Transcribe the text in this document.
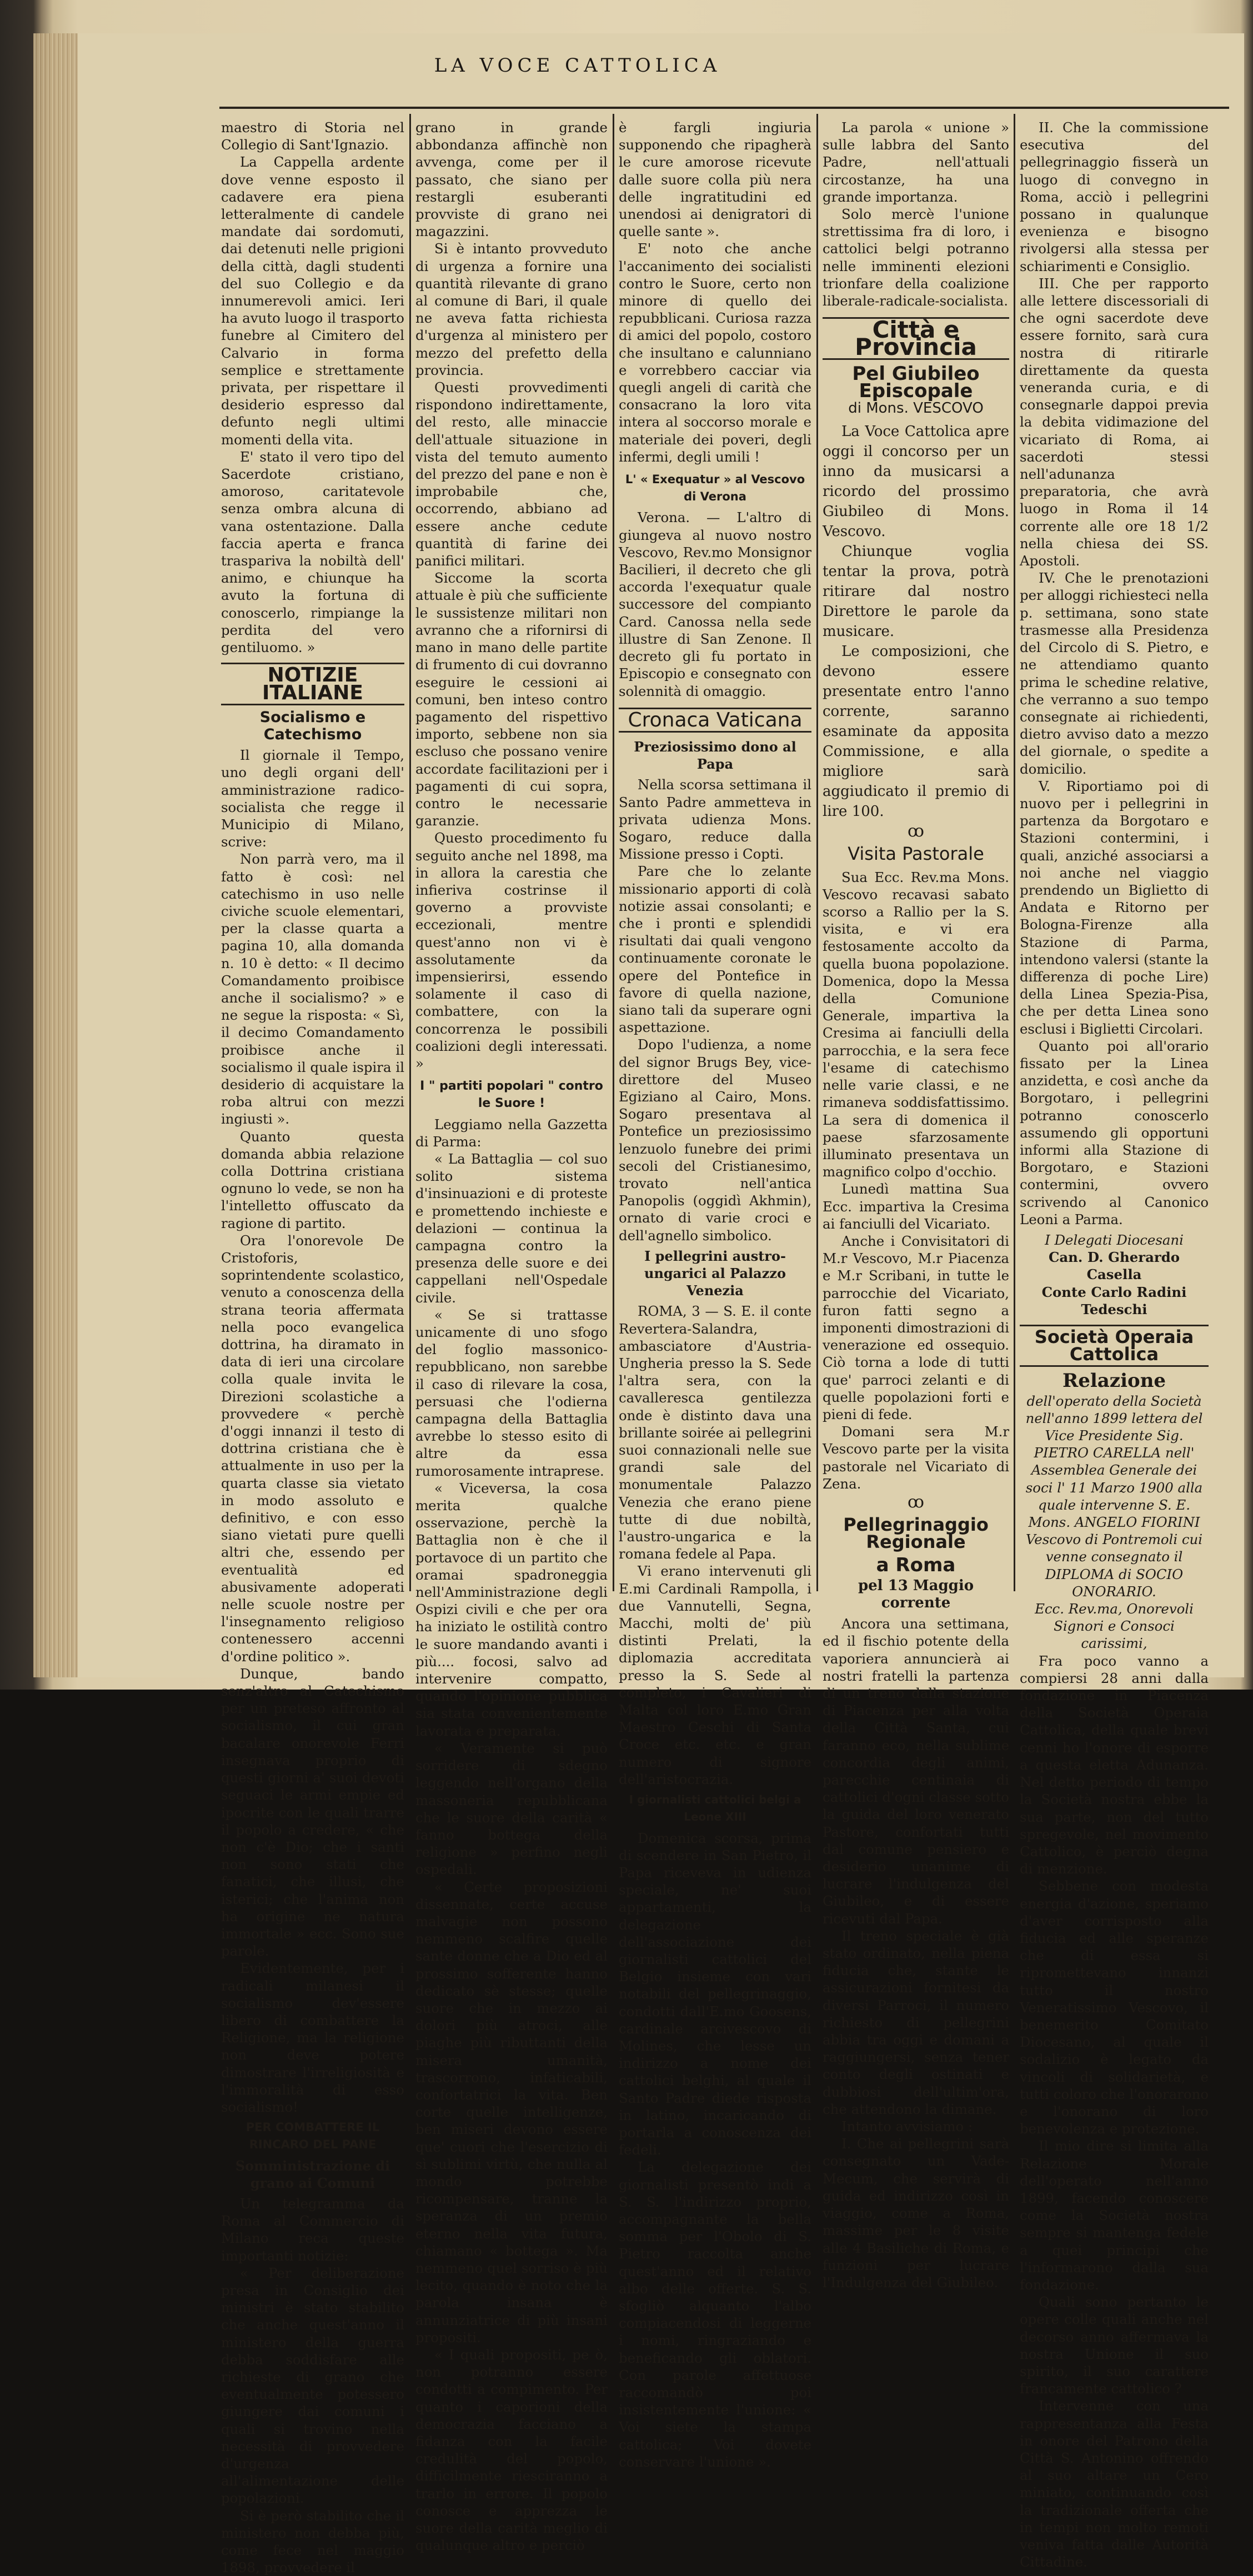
LA VOCE CATTOLICA

maestro di Storia nel Collegio di Sant'Ignazio.

La Cappella ardente dove venne esposto il cadavere era piena letteralmente di candele mandate dai sordomuti, dai detenuti nelle prigioni della città, dagli studenti del suo Collegio e da innumerevoli amici. Ieri ha avuto luogo il trasporto funebre al Cimitero del Calvario in forma semplice e strettamente privata, per rispettare il desiderio espresso dal defunto negli ultimi momenti della vita.

E' stato il vero tipo del Sacerdote cristiano, amoroso, caritatevole senza ombra alcuna di vana ostentazione. Dalla faccia aperta e franca traspariva la nobiltà dell' animo, e chiunque ha avuto la fortuna di conoscerlo, rimpiange la perdita del vero gentiluomo. »

NOTIZIE ITALIANE
Socialismo e Catechismo

Il giornale il Tempo, uno degli organi dell' amministrazione radico-socialista che regge il Municipio di Milano, scrive:

Non parrà vero, ma il fatto è così: nel catechismo in uso nelle civiche scuole elementari, per la classe quarta a pagina 10, alla domanda n. 10 è detto: « Il decimo Comandamento proibisce anche il socialismo? » e ne segue la risposta: « Sì, il decimo Comandamento proibisce anche il socialismo il quale ispira il desiderio di acquistare la roba altrui con mezzi ingiusti ».

Quanto questa domanda abbia relazione colla Dottrina cristiana ognuno lo vede, se non ha l'intelletto offuscato da ragione di partito.

Ora l'onorevole De Cristoforis, soprintendente scolastico, venuto a conoscenza della strana teoria affermata nella poco evangelica dottrina, ha diramato in data di ieri una circolare colla quale invita le Direzioni scolastiche a provvedere « perchè d'oggi innanzi il testo di dottrina cristiana che è attualmente in uso per la quarta classe sia vietato in modo assoluto e definitivo, e con esso siano vietati pure quelli altri che, essendo per eventualità ed abusivamente adoperati nelle scuole nostre per l'insegnamento religioso contenessero accenni d'ordine politico ».

Dunque, bando senz'altro al Catechismo per un preteso affronto al socialismo, il cui gran bacalare onorevole Ferri insegnava proprio di questi giorni a' suoi devoti seguaci le armi empie ed ipocrite con le quali trarre il popolo a credere, « che non c'è Dio; che i santi non sono stati che fanatici, che illusi, che isterici; che l'anima non ha origine ne natura immortale » ecc. Sono sue parole.

Evidentemente, per i radicali milanesi il socialismo dev'essere libero di combattere la Religione, ma la religione non deve potere dimostrare l'irreligiosità e l'immoralità di esso socialismo!

PER COMBATTERE IL RINCARO DEL PANE
Somministrazione di grano ai Comuni

Un telegramma da Roma al Commercio di Milano reca queste importanti notizie:

« Per deliberazione presa in Consiglio dei ministri è stato stabilito che anche quest'anno il ministero della guerra debba soddisfare alle richieste di grano che eventualmente potessero giungere dai comuni i quali si trovino nella necessità di provvedere d'urgenza all'alimentazione delle popolazioni.

Si è però stabilito che il ministero non debba più, come fece nel maggio 1898, provvedere il

grano in grande abbondanza affinchè non avvenga, come per il passato, che siano per restargli esuberanti provviste di grano nei magazzini.

Si è intanto provveduto di urgenza a fornire una quantità rilevante di grano al comune di Bari, il quale ne aveva fatta richiesta d'urgenza al ministero per mezzo del prefetto della provincia.

Questi provvedimenti rispondono indirettamente, del resto, alle minaccie dell'attuale situazione in vista del temuto aumento del prezzo del pane e non è improbabile che, occorrendo, abbiano ad essere anche cedute quantità di farine dei panifici militari.

Siccome la scorta attuale è più che sufficiente le sussistenze militari non avranno che a rifornirsi di mano in mano delle partite di frumento di cui dovranno eseguire le cessioni ai comuni, ben inteso contro pagamento del rispettivo importo, sebbene non sia escluso che possano venire accordate facilitazioni per i pagamenti di cui sopra, contro le necessarie garanzie.

Questo procedimento fu seguito anche nel 1898, ma in allora la carestia che infieriva costrinse il governo a provviste eccezionali, mentre quest'anno non vi è assolutamente da impensierirsi, essendo solamente il caso di combattere, con la concorrenza le possibili coalizioni degli interessati. »

I " partiti popolari " contro le Suore !

Leggiamo nella Gazzetta di Parma:

« La Battaglia — col suo solito sistema d'insinuazioni e di proteste e promettendo inchieste e delazioni — continua la campagna contro la presenza delle suore e dei cappellani nell'Ospedale civile.

« Se si trattasse unicamente di uno sfogo del foglio massonico-repubblicano, non sarebbe il caso di rilevare la cosa, persuasi che l'odierna campagna della Battaglia avrebbe lo stesso esito di altre da essa rumorosamente intraprese.

« Viceversa, la cosa merita qualche osservazione, perchè la Battaglia non è che il portavoce di un partito che oramai spadroneggia nell'Amministrazione degli Ospizi civili e che per ora ha iniziato le ostilità contro le suore mandando avanti i più.... focosi, salvo ad intervenire compatto, quando l'opinione pubblica sia stata convenientemente lavorata e preparata.

« Veramente si può sorridere di sdegno leggendo nell'organo della massoneria repubblicana che le suore della carità « fanno bottega della religione » perfino negli ospedali.

« Certe proposizioni dissennate, certe accuse malvagie non possono nemmeno scalfire quelle sante donne che a Dio ed al prossimo sofferente hanno dedicato sè stesse; quelle suore che in mezzo ai dolori più atroci, alle piaghe più ributtanti della misera umanità, trascorrono, infaticabili, confortatrici la vita. Ben corte quelle intelligenze, ben miseri devono essere que' cuori che l'esercizio di sì sublimi virtù, che nulla al mondo potrebbe ricompensare, tranne la speranza di un premio eterno nella vita futura, chiamano « bottega ». Ma nemmeno quel sorriso è più lecito, quando è noto che la parola insana è annunziatrice di più insani propositi.

« I quali propositi, pe ò, non potranno essere condotti a compimento. Per quanto i caporioni della democrazia facciano a fidanza con la facile credulità del popolo, difficilmente riesciranno a trarlo in errore. Il popolo conosce e apprezza le suore della carità meglio di qualunque altro e perciò

è fargli ingiuria supponendo che ripagherà le cure amorose ricevute dalle suore colla più nera delle ingratitudini ed unendosi ai denigratori di quelle sante ».

E' noto che anche l'accanimento dei socialisti contro le Suore, certo non minore di quello dei repubblicani. Curiosa razza di amici del popolo, costoro che insultano e calunniano e vorrebbero cacciar via quegli angeli di carità che consacrano la loro vita intera al soccorso morale e materiale dei poveri, degli infermi, degli umili !

L' « Exequatur » al Vescovo di Verona

Verona. — L'altro di giungeva al nuovo nostro Vescovo, Rev.mo Monsignor Bacilieri, il decreto che gli accorda l'exequatur quale successore del compianto Card. Canossa nella sede illustre di San Zenone. Il decreto gli fu portato in Episcopio e consegnato con solennità di omaggio.

Cronaca Vaticana
Preziosissimo dono al Papa

Nella scorsa settimana il Santo Padre ammetteva in privata udienza Mons. Sogaro, reduce dalla Missione presso i Copti.

Pare che lo zelante missionario apporti di colà notizie assai consolanti; e che i pronti e splendidi risultati dai quali vengono continuamente coronate le opere del Pontefice in favore di quella nazione, siano tali da superare ogni aspettazione.

Dopo l'udienza, a nome del signor Brugs Bey, vice-direttore del Museo Egiziano al Cairo, Mons. Sogaro presentava al Pontefice un preziosissimo lenzuolo funebre dei primi secoli del Cristianesimo, trovato nell'antica Panopolis (oggidì Akhmin), ornato di varie croci e dell'agnello simbolico.

I pellegrini austro-ungarici al Palazzo Venezia

ROMA, 3 — S. E. il conte Revertera-Salandra, ambasciatore d'Austria-Ungheria presso la S. Sede l'altra sera, con la cavalleresca gentilezza onde è distinto dava una brillante soirée ai pellegrini suoi connazionali nelle sue grandi sale del monumentale Palazzo Venezia che erano piene tutte di due nobiltà, l'austro-ungarica e la romana fedele al Papa.

Vi erano intervenuti gli E.mi Cardinali Rampolla, i due Vannutelli, Segna, Macchi, molti de' più distinti Prelati, la diplomazia accreditata presso la S. Sede al completo, i Cavalieri di Malta col loro E.mo Gran Maestro Ceschi di Santa Croce etc. etc. e gran numero di signore dell'aristocrazia.

I giornalisti cattolici belgi a Leone XIII

Domenica scorsa, prima di scendere in San Pietro, il Papa riceveva in udienza speciale, ne' suoi appartamenti, la delegazione dell'associazione dei giornalisti cattolici del Belgio insieme con vari notabili del pellegrinaggio, condotti dall'E.mo Goosens, cardinale arcivescovo di Molines, che lesse un indirizzo a nome dei cattolici belghi, al quale il Santo Padre diede risposta in latino, incaricando di portarla a conoscenza dei fedeli.

La delegazione dei giornalisti presentò indi a S. S. l'indirizzo proprio, accompagnante la bella somma per l'Obolo di S. Pietro raccolta anche quest'anno ed il relativo albo delle offerte. S. S. sfogliò alquanto l'albo compiacendosi di leggerne i nomi, ringraziando e beneficando gli oblatori. Con parole affettuose raccomandò poi insistentemente l'unione: « Voi siete la stampa cattolica; Voi dovete conservare l'unione ».

La parola « unione » sulle labbra del Santo Padre, nell'attuali circostanze, ha una grande importanza.

Solo mercè l'unione strettissima fra di loro, i cattolici belgi potranno nelle imminenti elezioni trionfare della coalizione liberale-radicale-socialista.

Città e Provincia
Pel Giubileo Episcopale
di Mons. VESCOVO

La Voce Cattolica apre oggi il concorso per un inno da musicarsi a ricordo del prossimo Giubileo di Mons. Vescovo.

Chiunque voglia tentar la prova, potrà ritirare dal nostro Direttore le parole da musicare.

Le composizioni, che devono essere presentate entro l'anno corrente, saranno esaminate da apposita Commissione, e alla migliore sarà aggiudicato il premio di lire 100.

ꝏ
Visita Pastorale

Sua Ecc. Rev.ma Mons. Vescovo recavasi sabato scorso a Rallio per la S. visita, e vi era festosamente accolto da quella buona popolazione. Domenica, dopo la Messa della Comunione Generale, impartiva la Cresima ai fanciulli della parrocchia, e la sera fece l'esame di catechismo nelle varie classi, e ne rimaneva soddisfattissimo. La sera di domenica il paese sfarzosamente illuminato presentava un magnifico colpo d'occhio.

Lunedì mattina Sua Ecc. impartiva la Cresima ai fanciulli del Vicariato.

Anche i Convisitatori di M.r Vescovo, M.r Piacenza e M.r Scribani, in tutte le parrocchie del Vicariato, furon fatti segno a imponenti dimostrazioni di venerazione ed ossequio. Ciò torna a lode di tutti que' parroci zelanti e di quelle popolazioni forti e pieni di fede.

Domani sera M.r Vescovo parte per la visita pastorale nel Vicariato di Zena.

ꝏ
Pellegrinaggio Regionale
a Roma
pel 13 Maggio corrente

Ancora una settimana, ed il fischio potente della vaporiera annuncierà ai nostri fratelli la partenza di un treno dalla stazione di Piacenza per alla volta della Città Santa, cui faranno eco, nella sublime concordia degli animi, parecchie centinaia di cattolici d'ogni classe sotto la guida del loro venerato Pastore, confortati tutti dal comune pensiero e desiderio unanime di lucrare l'indulgenza del Giubileo, e di essere ricevuti dal Papa.

Il treno speciale è già stato ordinato, nella piena fiducia che, stante le assicurazioni fornitesi da diversi Parroci, il numero richiesto di pellegrini abbia tra oggi e domani a raggiungersi, senza tener conto degli ostinati e dubbiosi dell'ultim'ora, che attendono la dimane.

Intanto avvisiamo :

I. Che ai pellegrini sarà consegnato un Vade-Mecum, che servirà di guida ed indirizzo così in viaggio, come a Roma, massime per le 8 visite alle 4 Basiliche di Roma, e funzioni per lucrare l'Indulgenza del Giubileo.

II. Che la commissione esecutiva del pellegrinaggio fisserà un luogo di convegno in Roma, acciò i pellegrini possano in qualunque evenienza e bisogno rivolgersi alla stessa per schiarimenti e Consiglio.

III. Che per rapporto alle lettere discessoriali di che ogni sacerdote deve essere fornito, sarà cura nostra di ritirarle direttamente da questa veneranda curia, e di consegnarle dappoi previa la debita vidimazione del vicariato di Roma, ai sacerdoti stessi nell'adunanza preparatoria, che avrà luogo in Roma il 14 corrente alle ore 18 1/2 nella chiesa dei SS. Apostoli.

IV. Che le prenotazioni per alloggi richiesteci nella p. settimana, sono state trasmesse alla Presidenza del Circolo di S. Pietro, e ne attendiamo quanto prima le schedine relative, che verranno a suo tempo consegnate ai richiedenti, dietro avviso dato a mezzo del giornale, o spedite a domicilio.

V. Riportiamo poi di nuovo per i pellegrini in partenza da Borgotaro e Stazioni contermini, i quali, anziché associarsi a noi anche nel viaggio prendendo un Biglietto di Andata e Ritorno per Bologna-Firenze alla Stazione di Parma, intendono valersi (stante la differenza di poche Lire) della Linea Spezia-Pisa, che per detta Linea sono esclusi i Biglietti Circolari.

Quanto poi all'orario fissato per la Linea anzidetta, e così anche da Borgotaro, i pellegrini potranno conoscerlo assumendo gli opportuni informi alla Stazione di Borgotaro, e Stazioni contermini, ovvero scrivendo al Canonico Leoni a Parma.

I Delegati Diocesani

Can. D. Gherardo Casella

Conte Carlo Radini Tedeschi

Società Operaia Cattolica
Relazione

dell'operato della Società nell'anno 1899 lettera del Vice Presidente Sig. PIETRO CARELLA nell' Assemblea Generale dei soci l' 11 Marzo 1900 alla quale intervenne S. E. Mons. ANGELO FIORINI Vescovo di Pontremoli cui venne consegnato il DIPLOMA di SOCIO ONORARIO.

Ecc. Rev.ma, Onorevoli Signori e Consoci carissimi,

Fra poco vanno a compiersi 28 anni dalla fondazione in Piacenza della Società Operaia Cattolica, della quale brevi cenni ho l'onore di esporre a questa eletta Adunanza. Nel detto periodo di tempo la Società nostra ebbe la sua parte, non del tutto spregevole, nel movimento Cattolico, è perciò degna di menzione.

Sebbene con modesta energia d'azione, speriamo d'aver corrisposto alla fiducia ed alle speranze che di essa si ripromettevano innanzi tutto il nostro Veneratissimo Vescovo, il benemerito Comitato Diocesano, al quale il sodalizio è legato da vincoli di solidarietà, e tutti coloro che l'onorarono e l'onorano di loro benevolenza e protezione.

Il mio dire si limita alla Relazione Morale dell'operato nell'anno 1899, facendo conoscere come la Società nostra sempre si mantenga fedele a quei principi che l'informarono dalla sua fondazione.

Quali sono pertanto le opere colle quali anche nel decorso anno affermava la nostra Unione il suo spirito, il suo carattere francamente cattolico ?

Intervenne con una rappresentanza alla Festa in onore del Patrono della Città S. Antonino offrendo al suo altare un Cero miniato, continuando così la tradizionale offerta che in tempi non molto remoti veniva fatta dalle Autorità Cittadine.
